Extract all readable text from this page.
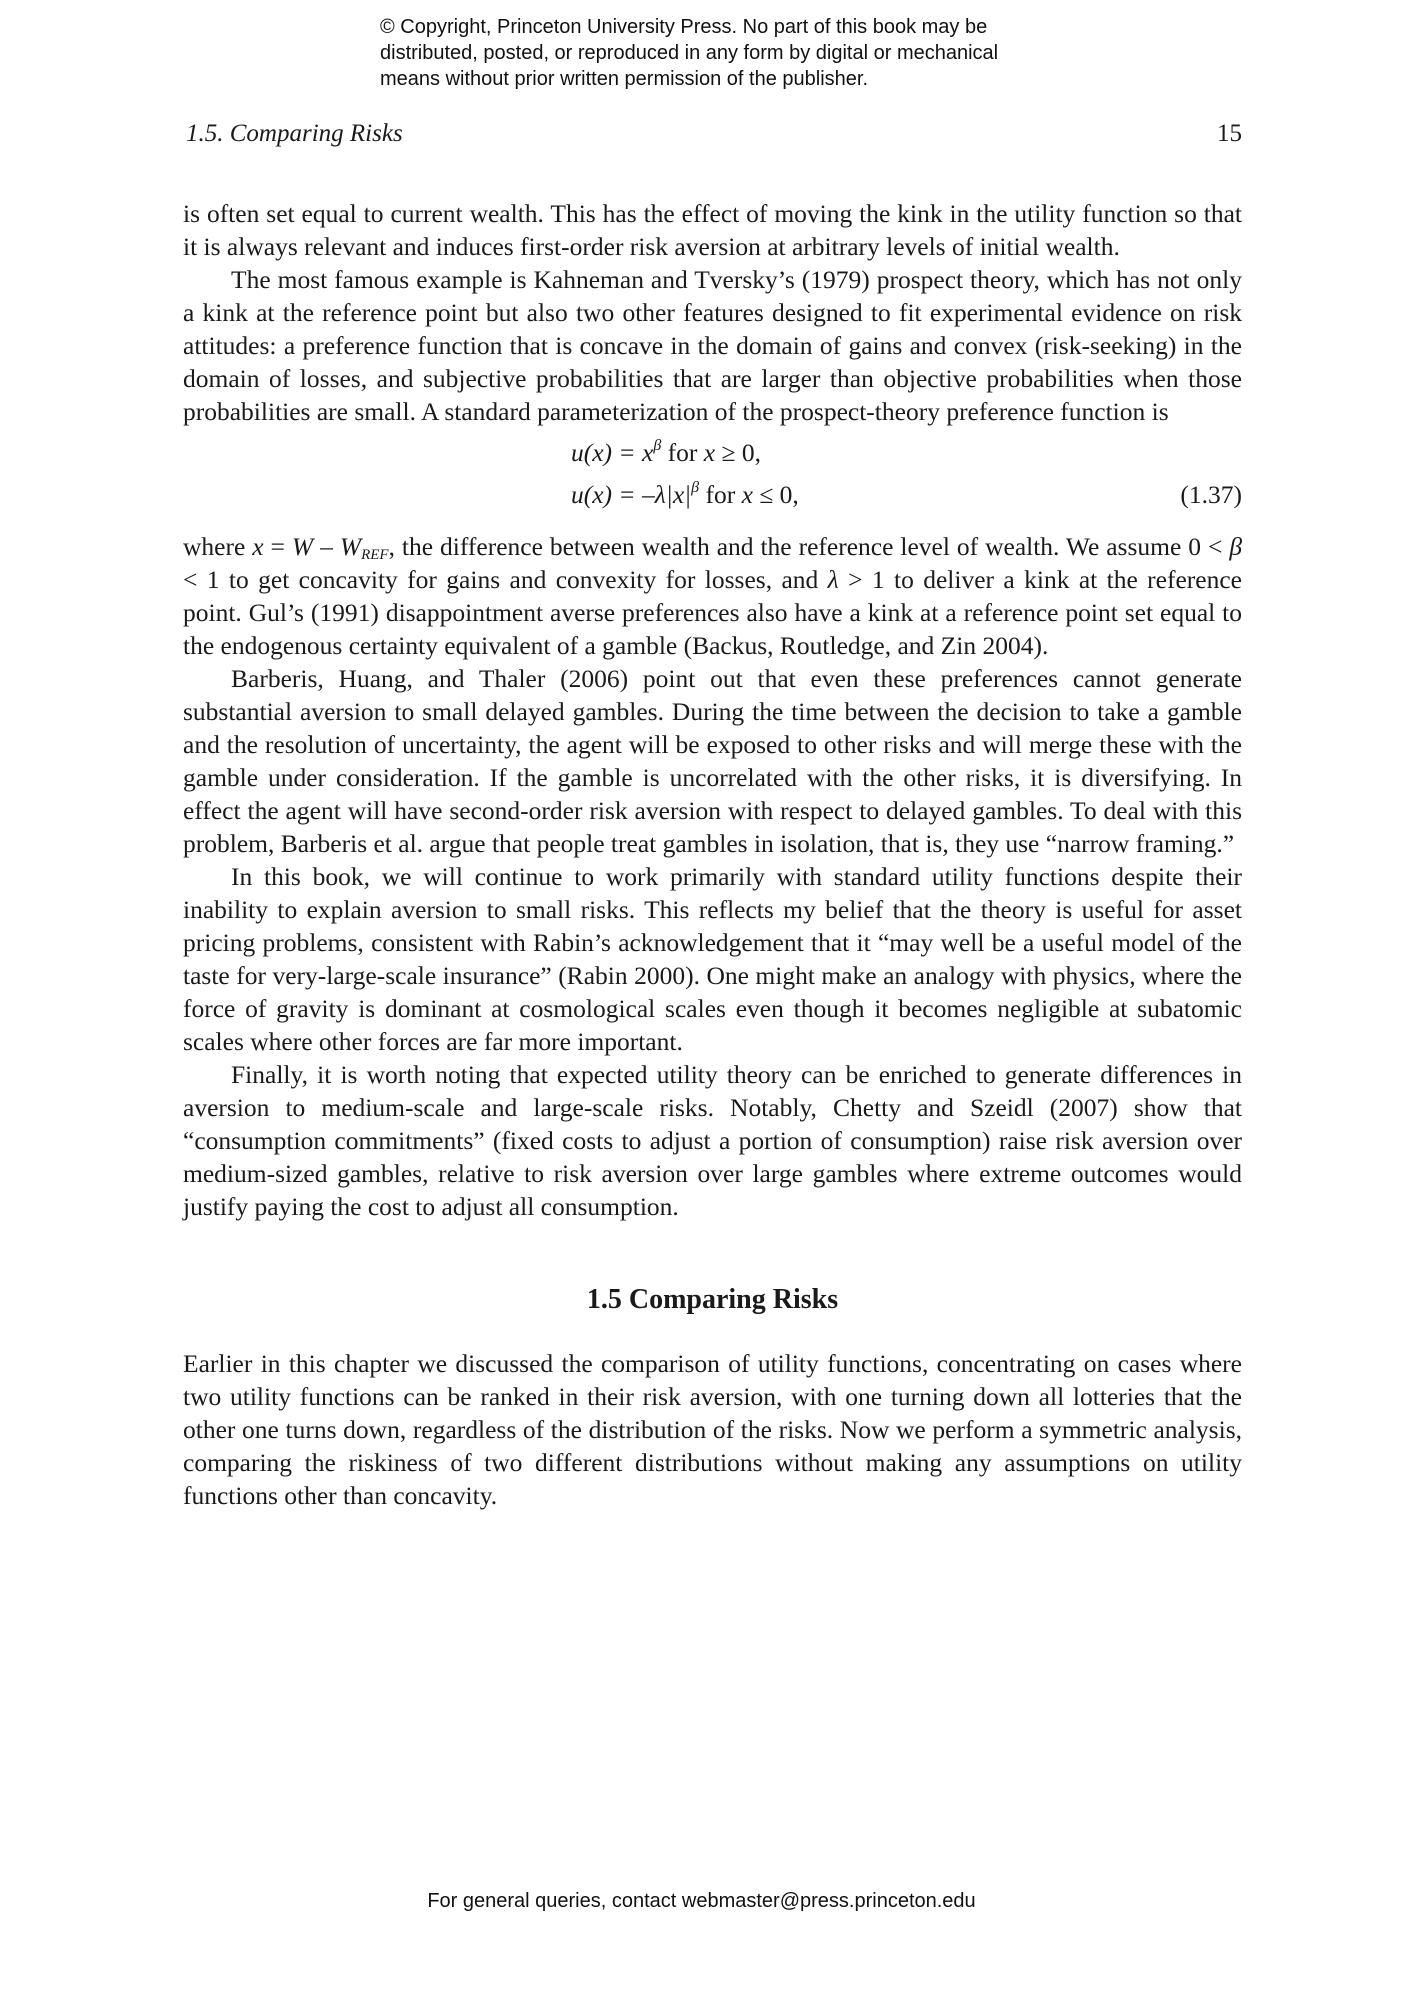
© Copyright, Princeton University Press. No part of this book may be
distributed, posted, or reproduced in any form by digital or mechanical
means without prior written permission of the publisher.
1.5. Comparing Risks	15

is often set equal to current wealth. This has the effect of moving the kink in the utility function so that it is always relevant and induces first-order risk aversion at arbitrary levels of initial wealth.

The most famous example is Kahneman and Tversky’s (1979) prospect theory, which has not only a kink at the reference point but also two other features designed to fit experimental evidence on risk attitudes: a preference function that is concave in the domain of gains and convex (risk-seeking) in the domain of losses, and subjective probabilities that are larger than objective probabilities when those probabilities are small. A standard parameterization of the prospect-theory preference function is

$u(x) = x^\beta$ for x ≥ 0,
$u(x) = -\lambda|x|^\beta$ for x ≤ 0,	(1.37)

where $x = W - W_{REF}$, the difference between wealth and the reference level of wealth. We assume 0 < β < 1 to get concavity for gains and convexity for losses, and λ > 1 to deliver a kink at the reference point. Gul’s (1991) disappointment averse preferences also have a kink at a reference point set equal to the endogenous certainty equivalent of a gamble (Backus, Routledge, and Zin 2004).

Barberis, Huang, and Thaler (2006) point out that even these preferences cannot generate substantial aversion to small delayed gambles. During the time between the decision to take a gamble and the resolution of uncertainty, the agent will be exposed to other risks and will merge these with the gamble under consideration. If the gamble is uncorrelated with the other risks, it is diversifying. In effect the agent will have second-order risk aversion with respect to delayed gambles. To deal with this problem, Barberis et al. argue that people treat gambles in isolation, that is, they use “narrow framing.”

In this book, we will continue to work primarily with standard utility functions despite their inability to explain aversion to small risks. This reflects my belief that the theory is useful for asset pricing problems, consistent with Rabin’s acknowledgement that it “may well be a useful model of the taste for very-large-scale insurance” (Rabin 2000). One might make an analogy with physics, where the force of gravity is dominant at cosmological scales even though it becomes negligible at subatomic scales where other forces are far more important.

Finally, it is worth noting that expected utility theory can be enriched to generate differences in aversion to medium-scale and large-scale risks. Notably, Chetty and Szeidl (2007) show that “consumption commitments” (fixed costs to adjust a portion of consumption) raise risk aversion over medium-sized gambles, relative to risk aversion over large gambles where extreme outcomes would justify paying the cost to adjust all consumption.

1.5 Comparing Risks

Earlier in this chapter we discussed the comparison of utility functions, concentrating on cases where two utility functions can be ranked in their risk aversion, with one turning down all lotteries that the other one turns down, regardless of the distribution of the risks. Now we perform a symmetric analysis, comparing the riskiness of two different distributions without making any assumptions on utility functions other than concavity.

For general queries, contact webmaster@press.princeton.edu
